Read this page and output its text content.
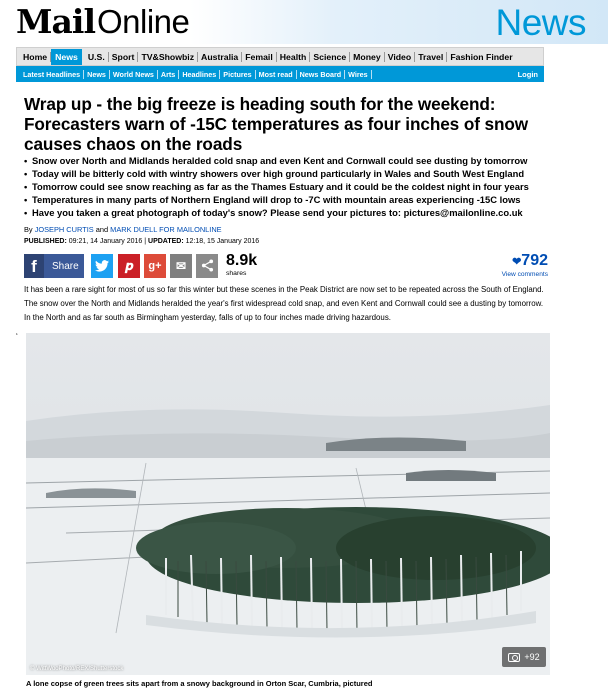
Mail Online	News
Home News	U.S. Sport TV&Showbiz Australia Femail Health Science Money Video Travel Fashion Finder
Latest Headlines News World News Arts Headlines Pictures Most read News Board Wires	Login
Wrap up - the big freeze is heading south for the weekend: Forecasters warn of -15C temperatures as four inches of snow causes chaos on the roads
• Snow over North and Midlands heralded cold snap and even Kent and Cornwall could see dusting by tomorrow
• Today will be bitterly cold with wintry showers over high ground particularly in Wales and South West England
• Tomorrow could see snow reaching as far as the Thames Estuary and it could be the coldest night in four years
• Temperatures in many parts of Northern England will drop to -7C with mountain areas experiencing -15C lows
• Have you taken a great photograph of today's snow? Please send your pictures to: pictures@mailonline.co.uk
By JOSEPH CURTIS and MARK DUELL FOR MAILONLINE
PUBLISHED: 09:21, 14 January 2016 | UPDATED: 12:18, 15 January 2016
f	Share	𝒑	g+	✉	8.9k
shares
❤792
View comments

It has been a rare sight for most of us so far this winter but these scenes in the Peak District are now set to be repeated across the South of England.

The snow over the North and Midlands heralded the year's first widespread cold snap, and even Kent and Cornwall could see a dusting by tomorrow.

In the North and as far south as Birmingham yesterday, falls of up to four inches made driving hazardous.

‘
© WittWooPhoto/REX/Shutterstock
+92
A lone copse of green trees sits apart from a snowy background in Orton Scar, Cumbria, pictured
